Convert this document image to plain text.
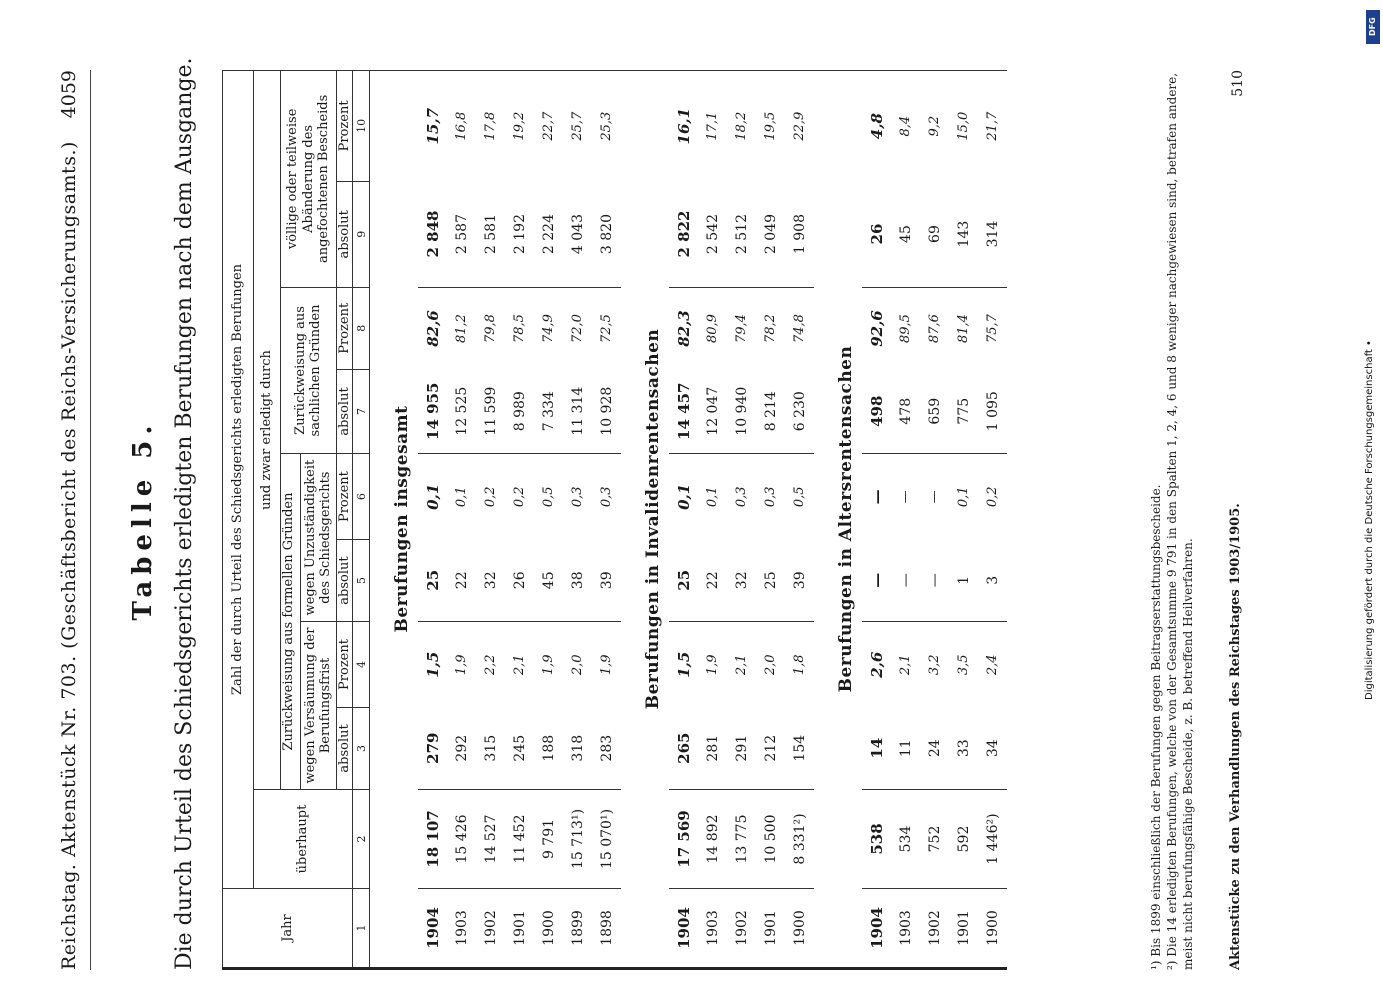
Reichstag. Aktenstück Nr. 703. (Geschäftsbericht des Reichs-Versicherungsamts.)
4059
Tabelle 5. Die durch Urteil des Schiedsgerichts erledigten Berufungen nach dem Ausgange.	Jahr	Zahl der durch Urteil des Schiedsgerichts erledigten Berufungen								
	überhaupt	und zwar erledigt durch							

		Zurückweisung aus formellen Gründen wegen Versäumung der Berufungsfrist
wegen Unzuständigkeit des Schiedsgerichts				Zurückweisung aus sachlichen Gründen		völlige oder teilweise Abänderung des angefochtenen Bescheids	
		absolut	Prozent	absolut	Prozent	absolut	Prozent	absolut	Prozent
1	2	3	4	5	6	7	8	9	10
Berufungen insgesamt									
1904	18 107	279	1,5	25	0,1	14 955	82,6	2 848	15,7
1903	15 426	292	1,9	22	0,1	12 525	81,2	2 587	16,8
1902	14 527	315	2,2	32	0,2	11 599	79,8	2 581	17,8
1901	11 452	245	2,1	26	0,2	8 989	78,5	2 192	19,2
1900	9 791	188	1,9	45	0,5	7 334	74,9	2 224	22,7
1899	15 713¹)	318	2,0	38	0,3	11 314	72,0	4 043	25,7
1898	15 070¹)	283	1,9	39	0,3	10 928	72,5	3 820	25,3
Berufungen in Invalidenrentensachen									
1904	17 569	265	1,5	25	0,1	14 457	82,3	2 822	16,1
1903	14 892	281	1,9	22	0,1	12 047	80,9	2 542	17,1
1902	13 775	291	2,1	32	0,3	10 940	79,4	2 512	18,2
1901	10 500	212	2,0	25	0,3	8 214	78,2	2 049	19,5
1900	8 331²)	154	1,8	39	0,5	6 230	74,8	1 908	22,9
Berufungen in Altersrentensachen									
1904	538	14	2,6	—	—	498	92,6	26	4,8
1903	534	11	2,1	—	—	478	89,5	45	8,4
1902	752	24	3,2	—	—	659	87,6	69	9,2
1901	592	33	3,5	1	0,1	775	81,4	143	15,0
1900	1 446²)	34	2,4	3	0,2	1 095	75,7	314	21,7

¹) Bis 1899 einschließlich der Berufungen gegen Beitragserstattungsbescheide. ²) Die 14 erledigten Berufungen, welche von der Gesamtsumme 9 791 in den Spalten 1, 2, 4, 6 und 8 weniger nachgewiesen sind, betrafen andere, meist nicht berufungsfähige Bescheide, z. B. betreffend Heilverfahren.	Aktenstücke zu den Verhandlungen des Reichstages 1903/1905.
510
Digitalisierung gefördert durch die Deutsche Forschungsgemeinschaft •
DFG
